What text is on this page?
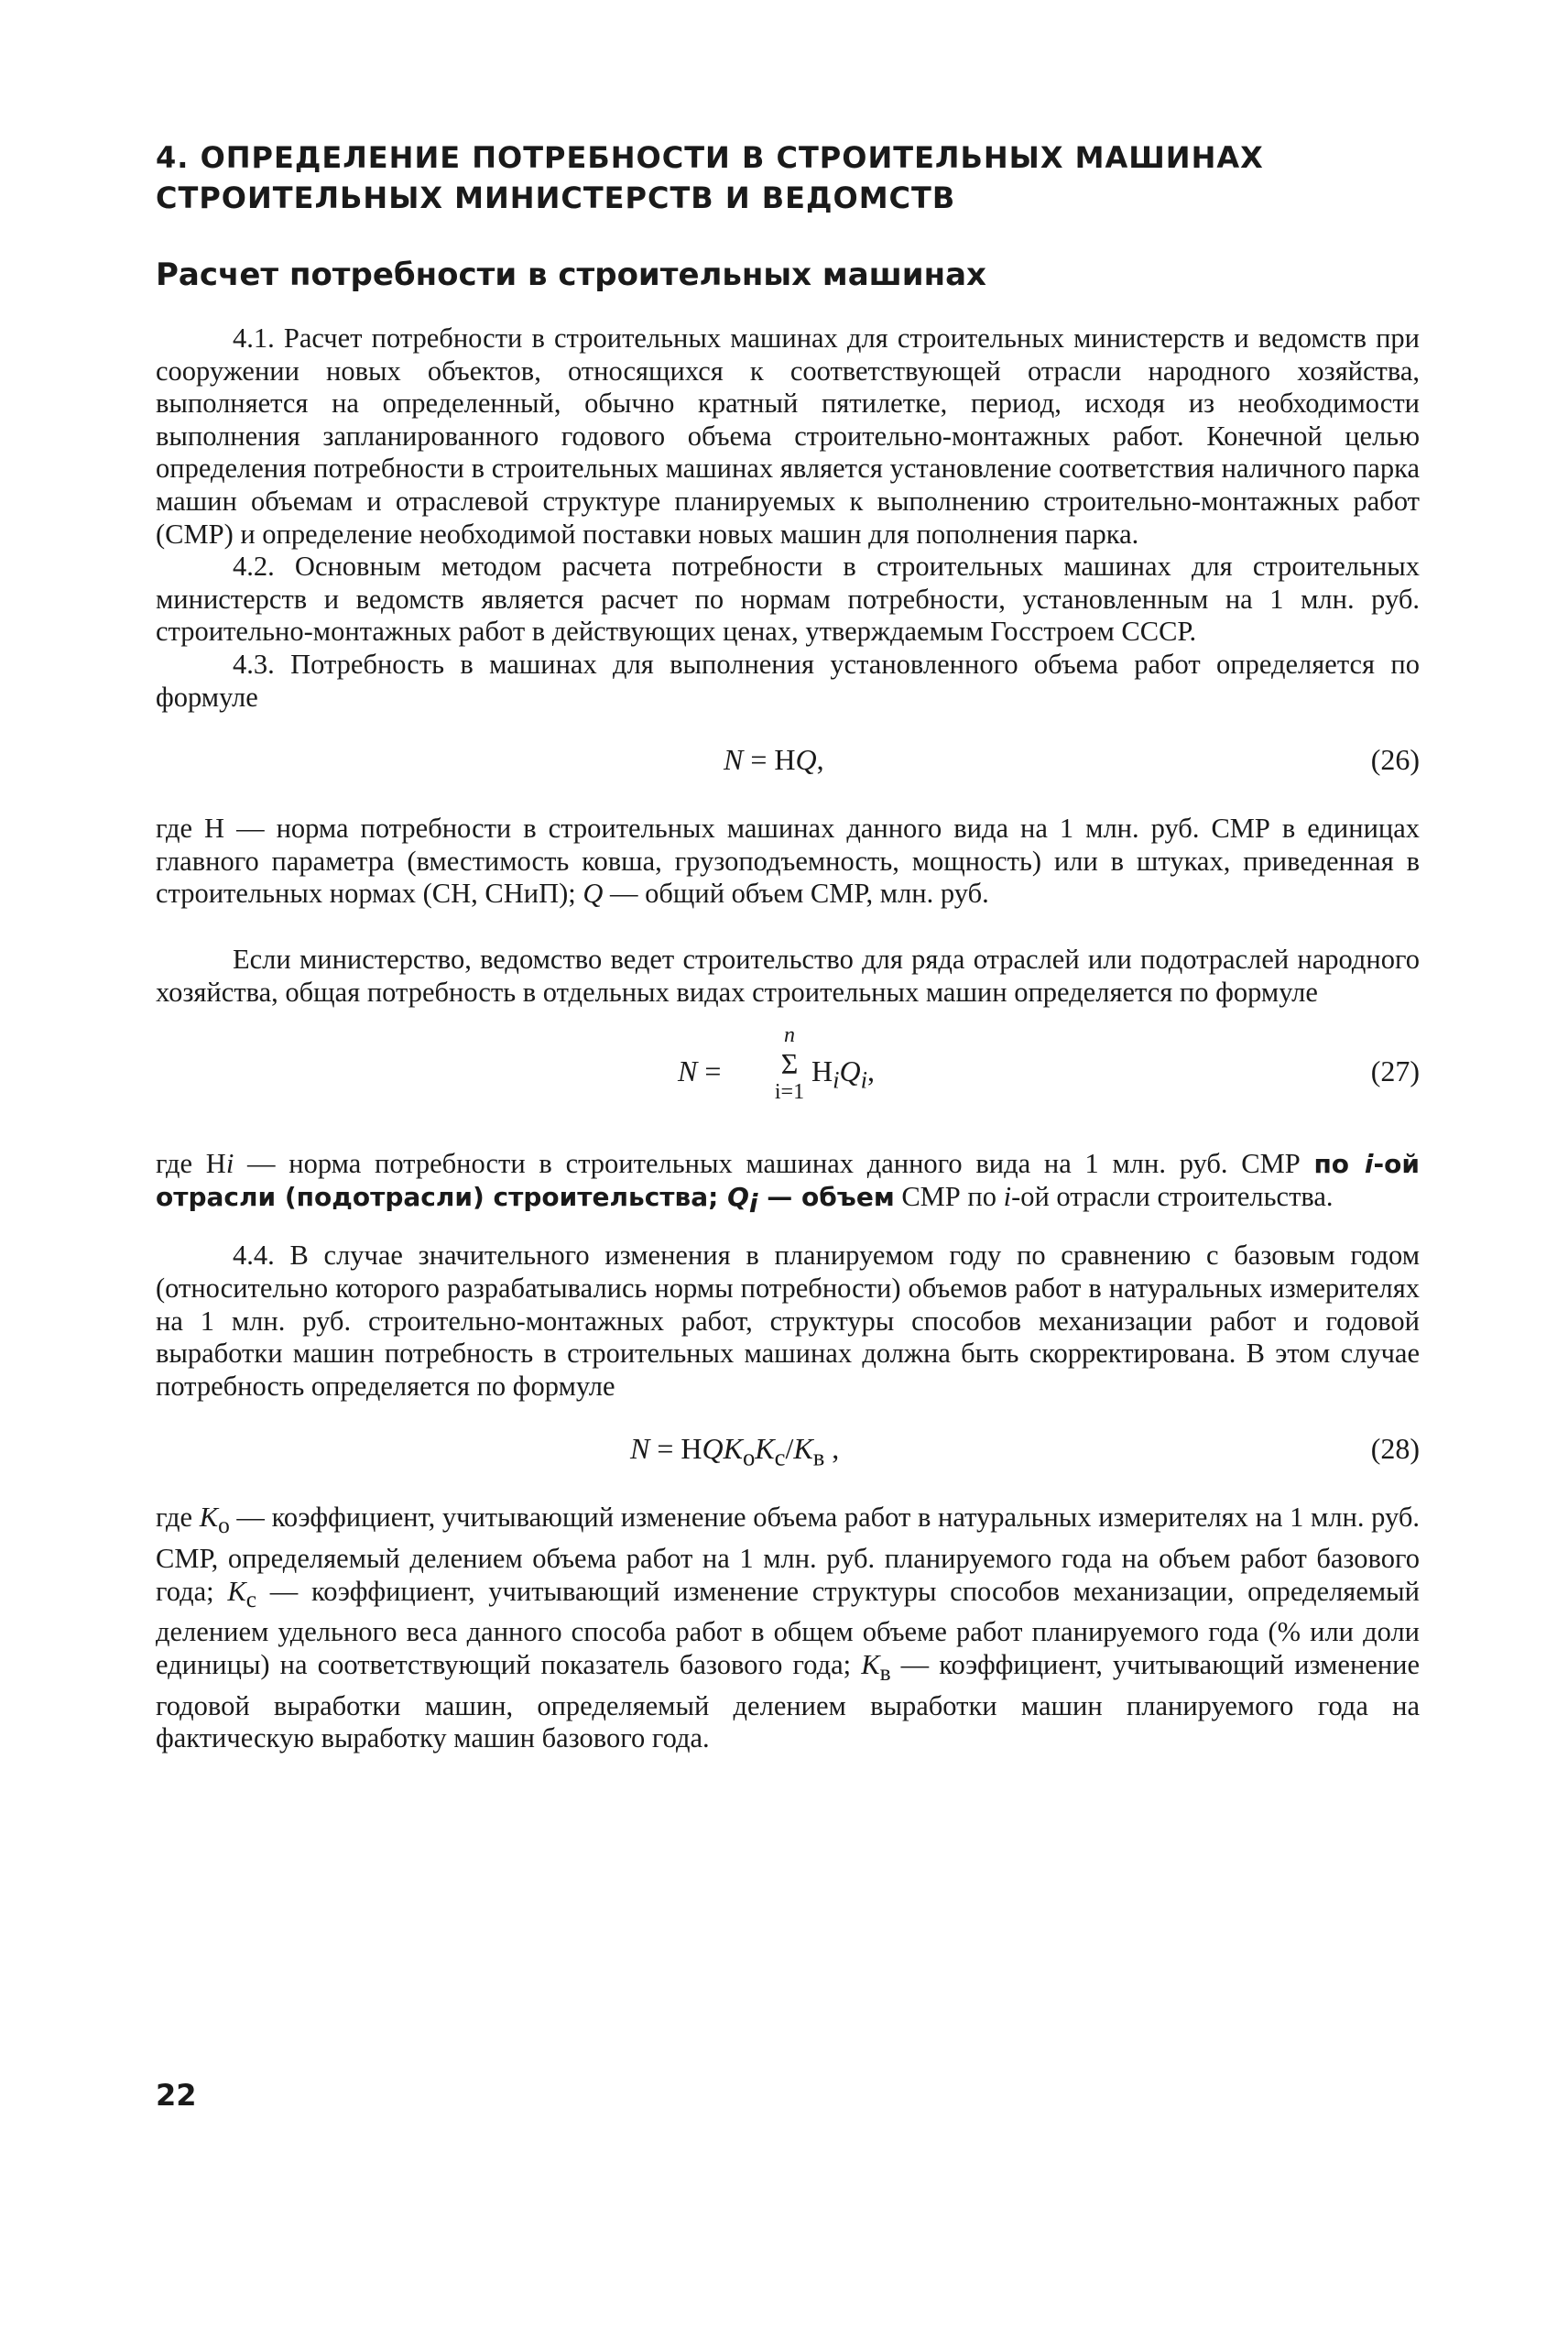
4. ОПРЕДЕЛЕНИЕ ПОТРЕБНОСТИ В СТРОИТЕЛЬНЫХ МАШИНАХ
СТРОИТЕЛЬНЫХ МИНИСТЕРСТВ И ВЕДОМСТВ
Расчет потребности в строительных машинах

4.1. Расчет потребности в строительных машинах для строительных министерств и ведомств при сооружении новых объектов, относящихся к соответствующей отрасли народного хозяйства, выполняется на определенный, обычно кратный пятилетке, период, исходя из необходимости выполнения запланированного годового объема строительно-монтажных работ. Конечной целью определения потребности в строительных машинах является установление соответствия наличного парка машин объемам и отраслевой структуре планируемых к выполнению строительно-монтажных работ (СМР) и определение необходимой поставки новых машин для пополнения парка.

4.2. Основным методом расчета потребности в строительных машинах для строительных министерств и ведомств является расчет по нормам потребности, установленным на 1 млн. руб. строительно-монтажных работ в действующих ценах, утверждаемым Госстроем СССР.

4.3. Потребность в машинах для выполнения установленного объема работ определяется по формуле

N = НQ,	(26)

где Н — норма потребности в строительных машинах данного вида на 1 млн. руб. СМР в единицах главного параметра (вместимость ковша, грузоподъемность, мощность) или в штуках, приведенная в строительных нормах (СН, СНиП); Q — общий объем СМР, млн. руб.

Если министерство, ведомство ведет строительство для ряда отраслей или подотраслей народного хозяйства, общая потребность в отдельных видах строительных машин определяется по формуле

N =
n
Σ
i=1
$Н_iQ_i$,	(27)

где Нi — норма потребности в строительных машинах данного вида на 1 млн. руб. СМР по i-ой отрасли (подотрасли) строительства; $Q_i$ — объем СМР по i-ой отрасли строительства.

4.4. В случае значительного изменения в планируемом году по сравнению с базовым годом (относительно которого разрабатывались нормы потребности) объемов работ в натуральных измерителях на 1 млн. руб. строительно-монтажных работ, структуры способов механизации работ и годовой выработки машин потребность в строительных машинах должна быть скорректирована. В этом случае потребность определяется по формуле

$N = НQK_оK_с/K_в$ ,	(28)

где $K_о$ — коэффициент, учитывающий изменение объема работ в натуральных измерителях на 1 млн. руб. СМР, определяемый делением объема работ на 1 млн. руб. планируемого года на объем работ базового года; $K_с$ — коэффициент, учитывающий изменение структуры способов механизации, определяемый делением удельного веса данного способа работ в общем объеме работ планируемого года (% или доли единицы) на соответствующий показатель базового года; $K_в$ — коэффициент, учитывающий изменение годовой выработки машин, определяемый делением выработки машин планируемого года на фактическую выработку машин базового года.

22
